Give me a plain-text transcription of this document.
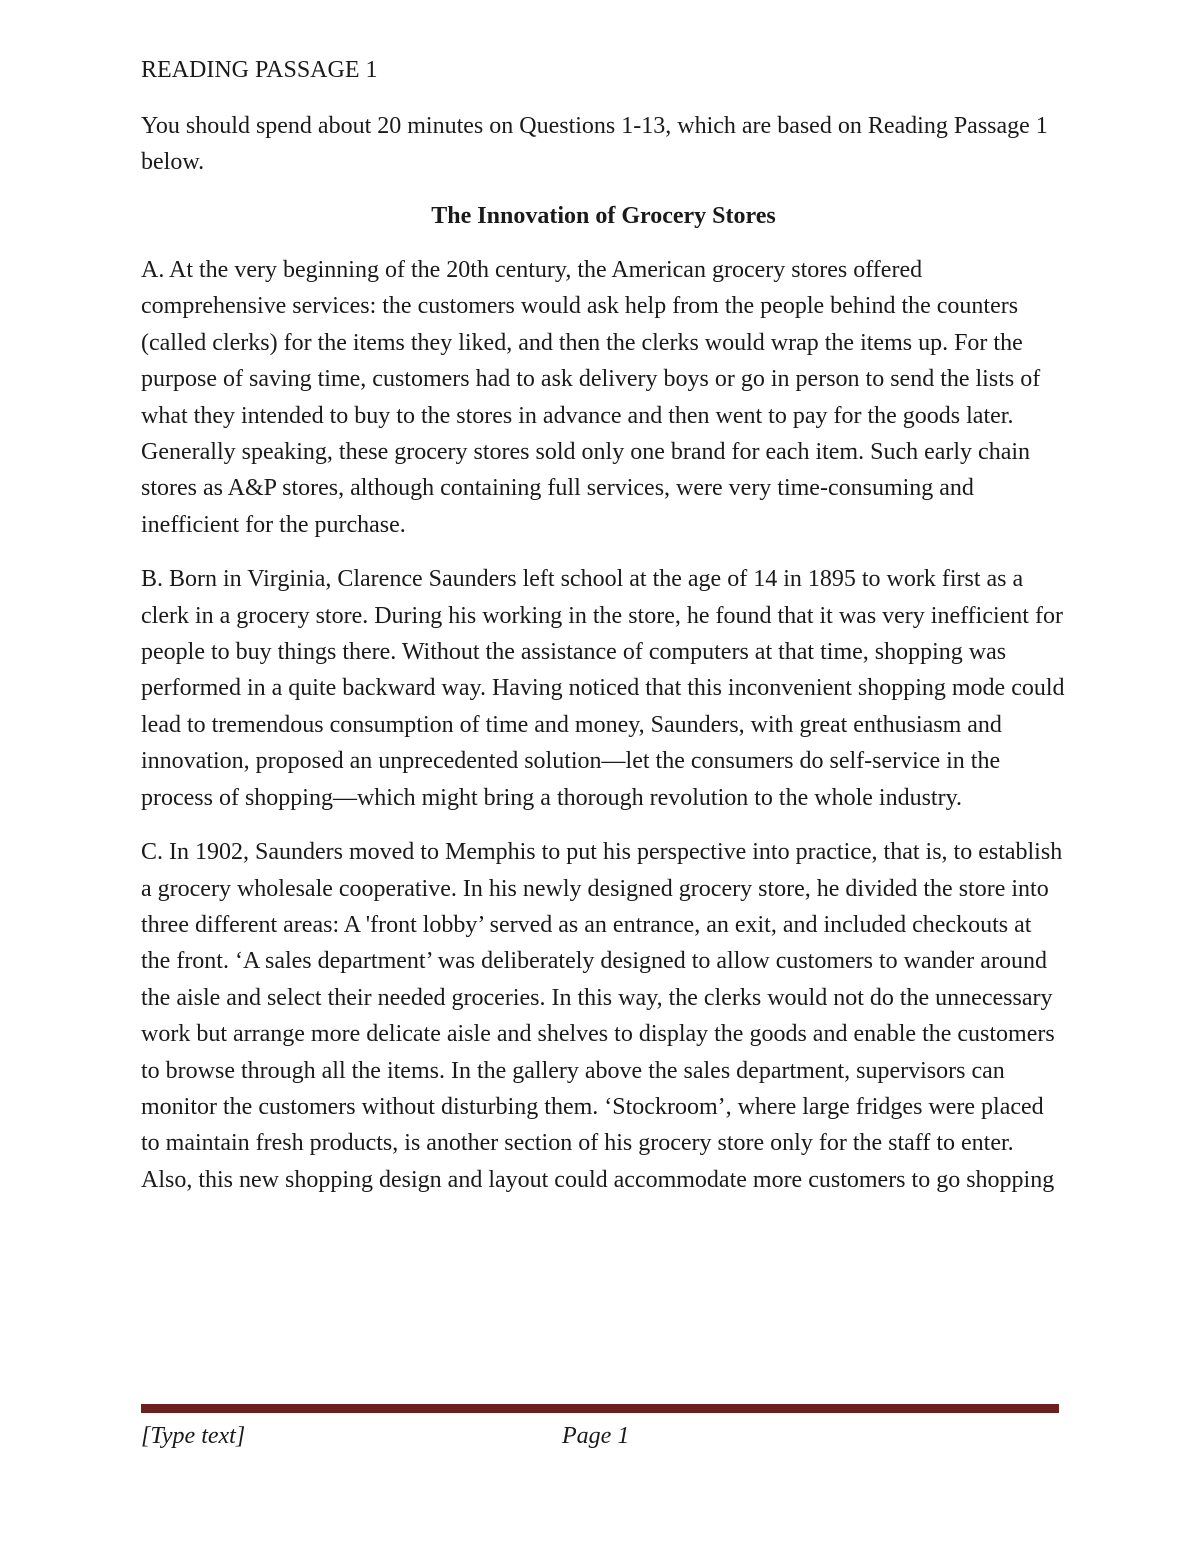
READING PASSAGE 1

You should spend about 20 minutes on Questions 1-13, which are based on Reading Passage 1 below.

The Innovation of Grocery Stores

A. At the very beginning of the 20th century, the American grocery stores offered comprehensive services: the customers would ask help from the people behind the counters (called clerks) for the items they liked, and then the clerks would wrap the items up. For the purpose of saving time, customers had to ask delivery boys or go in person to send the lists of what they intended to buy to the stores in advance and then went to pay for the goods later. Generally speaking, these grocery stores sold only one brand for each item. Such early chain stores as A&P stores, although containing full services, were very time-consuming and inefficient for the purchase.

B. Born in Virginia, Clarence Saunders left school at the age of 14 in 1895 to work first as a clerk in a grocery store. During his working in the store, he found that it was very inefficient for people to buy things there. Without the assistance of computers at that time, shopping was performed in a quite backward way. Having noticed that this inconvenient shopping mode could lead to tremendous consumption of time and money, Saunders, with great enthusiasm and innovation, proposed an unprecedented solution—let the consumers do self-service in the process of shopping—which might bring a thorough revolution to the whole industry.

C. In 1902, Saunders moved to Memphis to put his perspective into practice, that is, to establish a grocery wholesale cooperative. In his newly designed grocery store, he divided the store into three different areas: A 'front lobby’ served as an entrance, an exit, and included checkouts at the front. ‘A sales department’ was deliberately designed to allow customers to wander around the aisle and select their needed groceries. In this way, the clerks would not do the unnecessary work but arrange more delicate aisle and shelves to display the goods and enable the customers to browse through all the items. In the gallery above the sales department, supervisors can monitor the customers without disturbing them. ‘Stockroom’, where large fridges were placed to maintain fresh products, is another section of his grocery store only for the staff to enter. Also, this new shopping design and layout could accommodate more customers to go shopping

[Type text]	Page 1
